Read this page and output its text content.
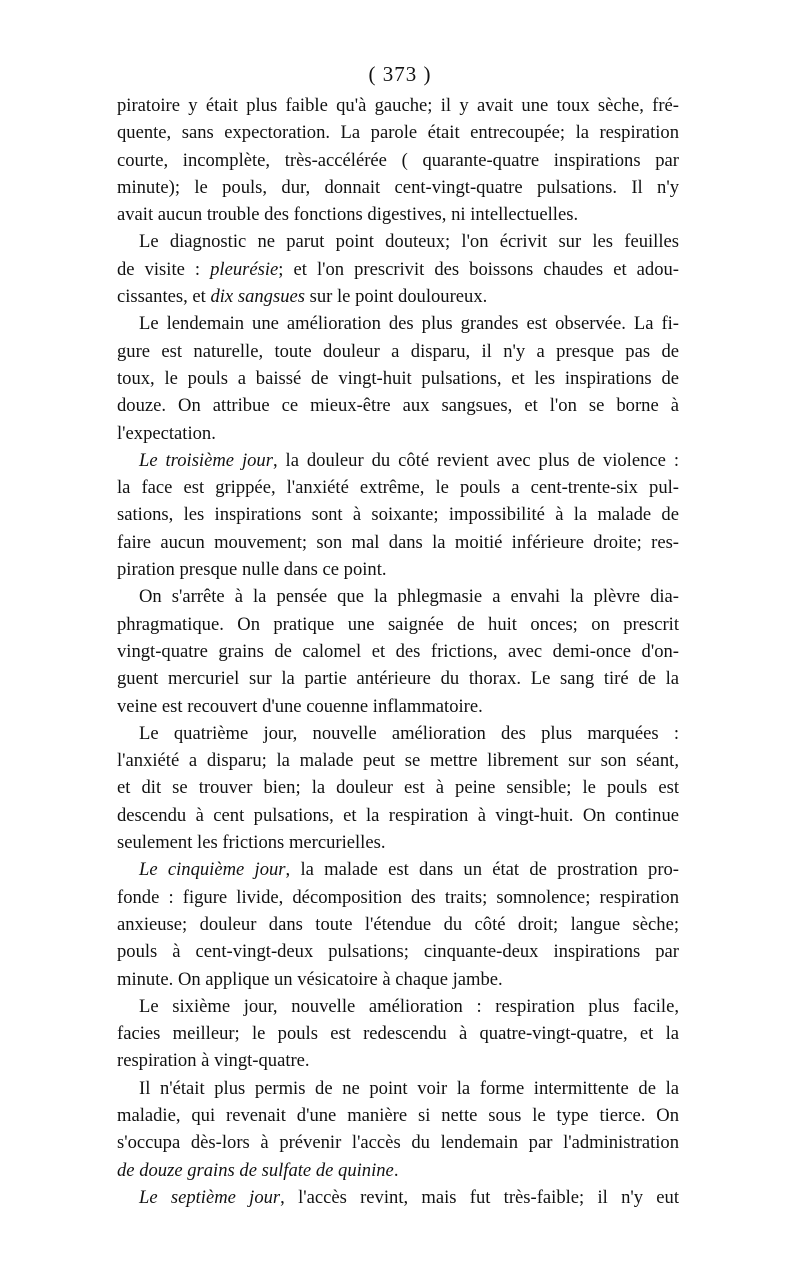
( 373 )
piratoire y était plus faible qu'à gauche; il y avait une toux sèche, fré-
quente, sans expectoration. La parole était entrecoupée; la respiration
courte, incomplète, très-accélérée ( quarante-quatre inspirations par
minute); le pouls, dur, donnait cent-vingt-quatre pulsations. Il n'y
avait aucun trouble des fonctions digestives, ni intellectuelles.
Le diagnostic ne parut point douteux; l'on écrivit sur les feuilles
de visite : pleurésie; et l'on prescrivit des boissons chaudes et adou-
cissantes, et dix sangsues sur le point douloureux.
Le lendemain une amélioration des plus grandes est observée. La fi-
gure est naturelle, toute douleur a disparu, il n'y a presque pas de
toux, le pouls a baissé de vingt-huit pulsations, et les inspirations de
douze. On attribue ce mieux-être aux sangsues, et l'on se borne à
l'expectation.
Le troisième jour, la douleur du côté revient avec plus de violence :
la face est grippée, l'anxiété extrême, le pouls a cent-trente-six pul-
sations, les inspirations sont à soixante; impossibilité à la malade de
faire aucun mouvement; son mal dans la moitié inférieure droite; res-
piration presque nulle dans ce point.
On s'arrête à la pensée que la phlegmasie a envahi la plèvre dia-
phragmatique. On pratique une saignée de huit onces; on prescrit
vingt-quatre grains de calomel et des frictions, avec demi-once d'on-
guent mercuriel sur la partie antérieure du thorax. Le sang tiré de la
veine est recouvert d'une couenne inflammatoire.
Le quatrième jour, nouvelle amélioration des plus marquées :
l'anxiété a disparu; la malade peut se mettre librement sur son séant,
et dit se trouver bien; la douleur est à peine sensible; le pouls est
descendu à cent pulsations, et la respiration à vingt-huit. On continue
seulement les frictions mercurielles.
Le cinquième jour, la malade est dans un état de prostration pro-
fonde : figure livide, décomposition des traits; somnolence; respiration
anxieuse; douleur dans toute l'étendue du côté droit; langue sèche;
pouls à cent-vingt-deux pulsations; cinquante-deux inspirations par
minute. On applique un vésicatoire à chaque jambe.
Le sixième jour, nouvelle amélioration : respiration plus facile,
facies meilleur; le pouls est redescendu à quatre-vingt-quatre, et la
respiration à vingt-quatre.
Il n'était plus permis de ne point voir la forme intermittente de la
maladie, qui revenait d'une manière si nette sous le type tierce. On
s'occupa dès-lors à prévenir l'accès du lendemain par l'administration
de douze grains de sulfate de quinine.
Le septième jour, l'accès revint, mais fut très-faible; il n'y eut
